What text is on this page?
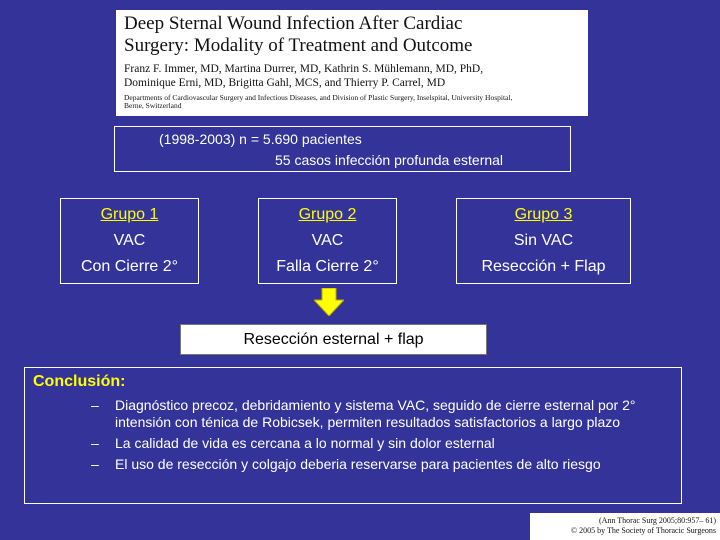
Deep Sternal Wound Infection After Cardiac
Surgery: Modality of Treatment and Outcome
Franz F. Immer, MD, Martina Durrer, MD, Kathrin S. Mühlemann, MD, PhD,
Dominique Erni, MD, Brigitta Gahl, MCS, and Thierry P. Carrel, MD
Departments of Cardiovascular Surgery and Infectious Diseases, and Division of Plastic Surgery, Inselspital, University Hospital,
Berne, Switzerland
(1998-2003) n = 5.690 pacientes
55 casos infección profunda esternal
Grupo 1
VAC
Con Cierre 2°
Grupo 2
VAC
Falla Cierre 2°
Grupo 3
Sin VAC
Resección + Flap
Resección esternal + flap
Conclusión:
– Diagnóstico precoz, debridamiento y sistema VAC, seguido de cierre esternal por 2° intensión con ténica de Robicsek, permiten resultados satisfactorios a largo plazo
– La calidad de vida es cercana a lo normal y sin dolor esternal
– El uso de resección y colgajo deberia reservarse para pacientes de alto riesgo
(Ann Thorac Surg 2005;80:957– 61)
© 2005 by The Society of Thoracic Surgeons
